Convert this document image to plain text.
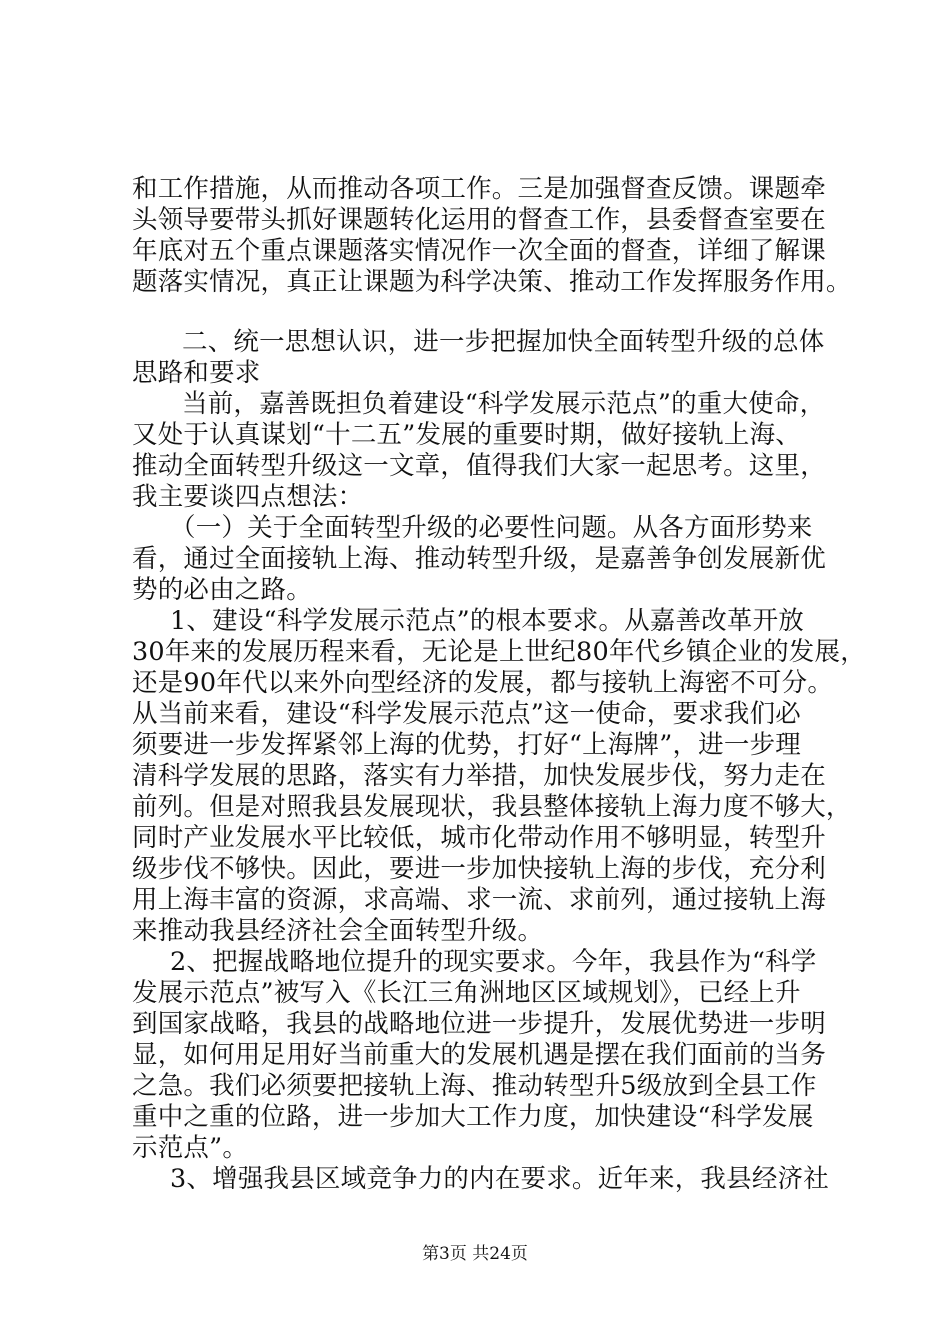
和工作措施，从而推动各项工作。三是加强督查反馈。课题牵
头领导要带头抓好课题转化运用的督查工作，县委督查室要在
年底对五个重点课题落实情况作一次全面的督查，详细了解课
题落实情况，真正让课题为科学决策、推动工作发挥服务作用。
二、统一思想认识，进一步把握加快全面转型升级的总体
思路和要求
当前，嘉善既担负着建设“科学发展示范点”的重大使命，
又处于认真谋划“十二五”发展的重要时期，做好接轨上海、
推动全面转型升级这一文章，值得我们大家一起思考。这里，
我主要谈四点想法：
（一）关于全面转型升级的必要性问题。从各方面形势来
看，通过全面接轨上海、推动转型升级，是嘉善争创发展新优
势的必由之路。
1、建设“科学发展示范点”的根本要求。从嘉善改革开放
30年来的发展历程来看，无论是上世纪80年代乡镇企业的发展，
还是90年代以来外向型经济的发展，都与接轨上海密不可分。
从当前来看，建设“科学发展示范点”这一使命，要求我们必
须要进一步发挥紧邻上海的优势，打好“上海牌”，进一步理
清科学发展的思路，落实有力举措，加快发展步伐，努力走在
前列。但是对照我县发展现状，我县整体接轨上海力度不够大，
同时产业发展水平比较低，城市化带动作用不够明显，转型升
级步伐不够快。因此，要进一步加快接轨上海的步伐，充分利
用上海丰富的资源，求高端、求一流、求前列，通过接轨上海
来推动我县经济社会全面转型升级。
2、把握战略地位提升的现实要求。今年，我县作为“科学
发展示范点”被写入《长江三角洲地区区域规划》，已经上升
到国家战略，我县的战略地位进一步提升，发展优势进一步明
显，如何用足用好当前重大的发展机遇是摆在我们面前的当务
之急。我们必须要把接轨上海、推动转型升5级放到全县工作
重中之重的位路，进一步加大工作力度，加快建设“科学发展
示范点”。
3、增强我县区域竞争力的内在要求。近年来，我县经济社
第3页 共24页
